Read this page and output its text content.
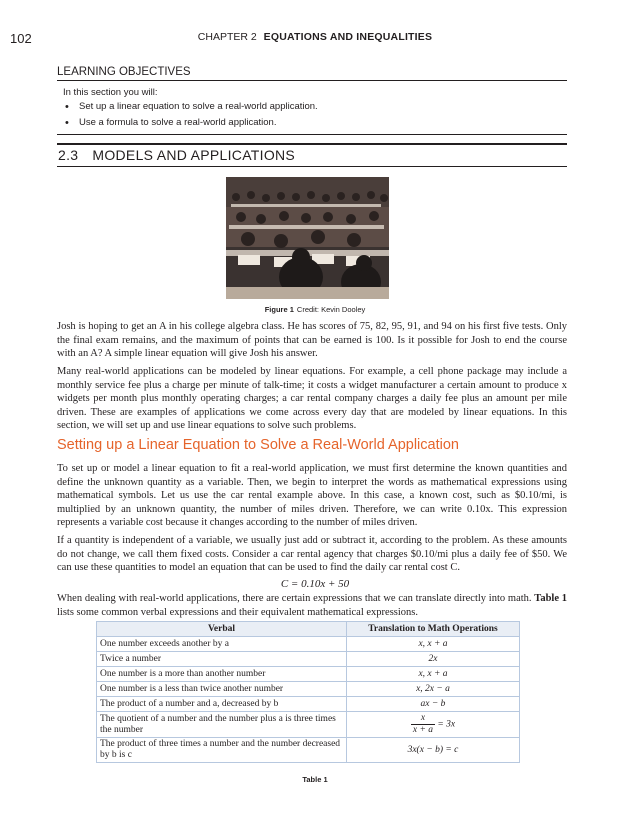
102	CHAPTER 2 EQUATIONS AND INEQUALITIES
LEARNING OBJECTIVES
In this section you will:
• Set up a linear equation to solve a real-world application.
• Use a formula to solve a real-world application.
2.3 MODELS AND APPLICATIONS
Figure 1 Credit: Kevin Dooley

Josh is hoping to get an A in his college algebra class. He has scores of 75, 82, 95, 91, and 94 on his first five tests. Only the final exam remains, and the maximum of points that can be earned is 100. Is it possible for Josh to end the course with an A? A simple linear equation will give Josh his answer.

Many real-world applications can be modeled by linear equations. For example, a cell phone package may include a monthly service fee plus a charge per minute of talk-time; it costs a widget manufacturer a certain amount to produce x widgets per month plus monthly operating charges; a car rental company charges a daily fee plus an amount per mile driven. These are examples of applications we come across every day that are modeled by linear equations. In this section, we will set up and use linear equations to solve such problems.

Setting up a Linear Equation to Solve a Real-World Application

To set up or model a linear equation to fit a real-world application, we must first determine the known quantities and define the unknown quantity as a variable. Then, we begin to interpret the words as mathematical expressions using mathematical symbols. Let us use the car rental example above. In this case, a known cost, such as $0.10/mi, is multiplied by an unknown quantity, the number of miles driven. Therefore, we can write 0.10x. This expression represents a variable cost because it changes according to the number of miles driven.

If a quantity is independent of a variable, we usually just add or subtract it, according to the problem. As these amounts do not change, we call them fixed costs. Consider a car rental agency that charges $0.10/mi plus a daily fee of $50. We can use these quantities to model an equation that can be used to find the daily car rental cost C.

C = 0.10x + 50

When dealing with real-world applications, there are certain expressions that we can translate directly into math. Table 1 lists some common verbal expressions and their equivalent mathematical expressions.

Verbal	Translation to Math Operations
One number exceeds another by a	x, x + a
Twice a number	2x
One number is a more than another number	x, x + a
One number is a less than twice another number	x, 2x − a
The product of a number and a, decreased by b	ax − b
The quotient of a number and the number plus a is three times the number	$\frac{x}{x + a} = 3x$
The product of three times a number and the number decreased by b is c	3x(x − b) = c
Table 1
